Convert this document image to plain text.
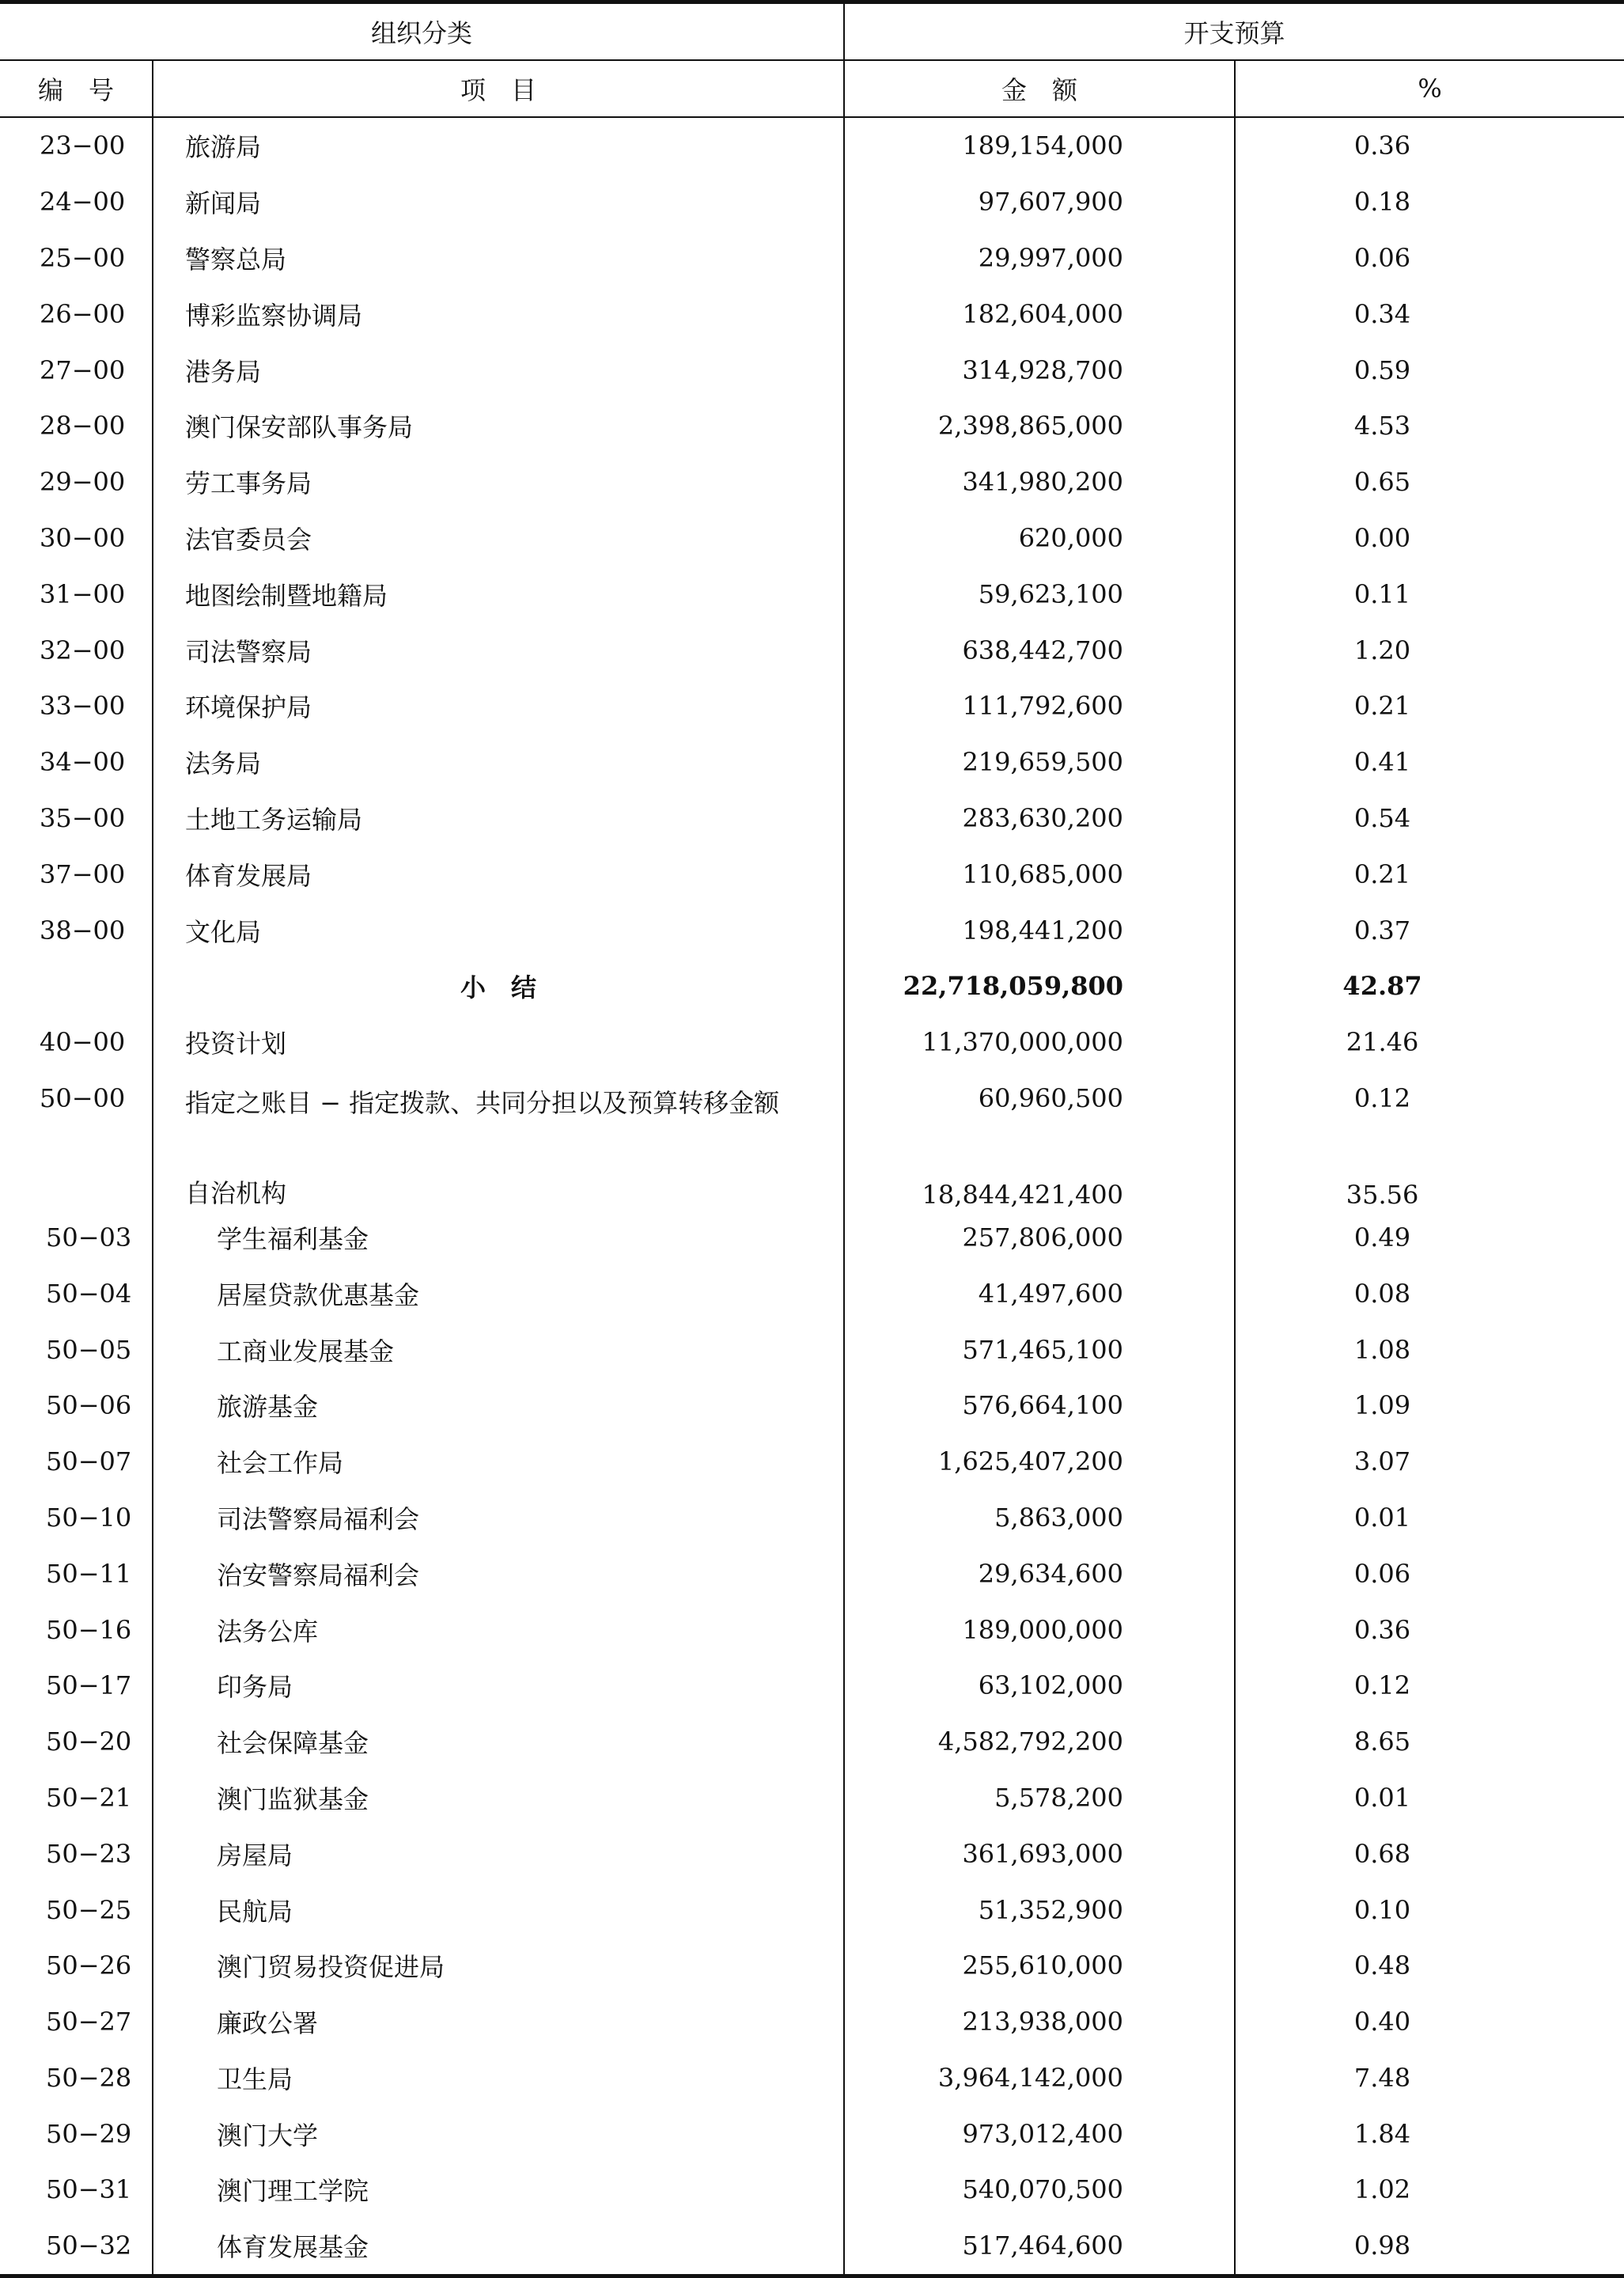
组织分类		开支预算	
编　号	项　目	金　额	%
23−00	旅游局	189,154,000	0.36
24−00	新闻局	97,607,900	0.18
25−00	警察总局	29,997,000	0.06
26−00	博彩监察协调局	182,604,000	0.34
27−00	港务局	314,928,700	0.59
28−00	澳门保安部队事务局	2,398,865,000	4.53
29−00	劳工事务局	341,980,200	0.65
30−00	法官委员会	620,000	0.00
31−00	地图绘制暨地籍局	59,623,100	0.11
32−00	司法警察局	638,442,700	1.20
33−00	环境保护局	111,792,600	0.21
34−00	法务局	219,659,500	0.41
35−00	土地工务运输局	283,630,200	0.54
37−00	体育发展局	110,685,000	0.21
38−00	文化局	198,441,200	0.37
	小　结	22,718,059,800	42.87
40−00	投资计划	11,370,000,000	21.46
50−00	指定之账目 − 指定拨款、共同分担以及预算转移金额	60,960,500	0.12
	自治机构	18,844,421,400	35.56
50−03	学生福利基金	257,806,000	0.49
50−04	居屋贷款优惠基金	41,497,600	0.08
50−05	工商业发展基金	571,465,100	1.08
50−06	旅游基金	576,664,100	1.09
50−07	社会工作局	1,625,407,200	3.07
50−10	司法警察局福利会	5,863,000	0.01
50−11	治安警察局福利会	29,634,600	0.06
50−16	法务公库	189,000,000	0.36
50−17	印务局	63,102,000	0.12
50−20	社会保障基金	4,582,792,200	8.65
50−21	澳门监狱基金	5,578,200	0.01
50−23	房屋局	361,693,000	0.68
50−25	民航局	51,352,900	0.10
50−26	澳门贸易投资促进局	255,610,000	0.48
50−27	廉政公署	213,938,000	0.40
50−28	卫生局	3,964,142,000	7.48
50−29	澳门大学	973,012,400	1.84
50−31	澳门理工学院	540,070,500	1.02
50−32	体育发展基金	517,464,600	0.98
